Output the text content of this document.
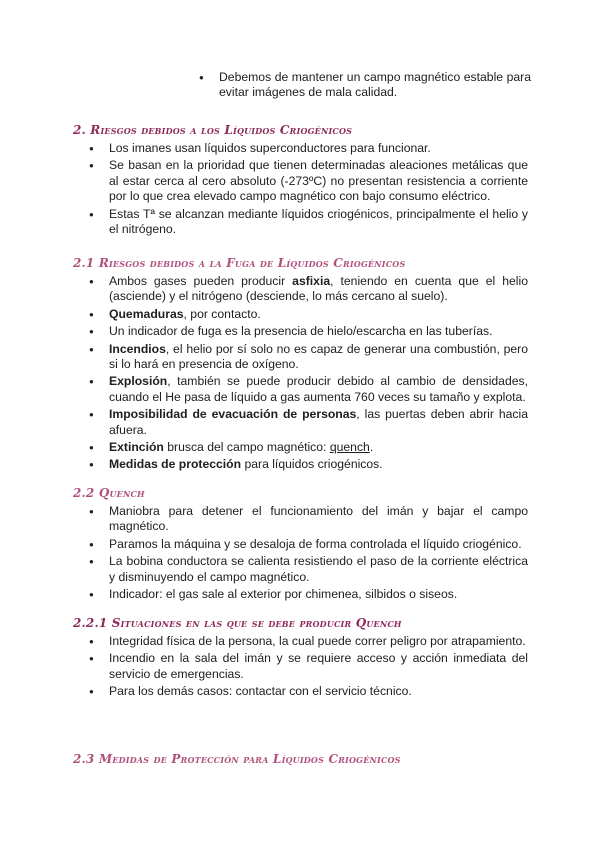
● Debemos de mantener un campo magnético estable para evitar imágenes de mala calidad.
2. Riesgos debidos a los Líquidos Criogénicos
● Los imanes usan líquidos superconductores para funcionar.
● Se basan en la prioridad que tienen determinadas aleaciones metálicas que al estar cerca al cero absoluto (-273ºC) no presentan resistencia a corriente por lo que crea elevado campo magnético con bajo consumo eléctrico.
● Estas Tª se alcanzan mediante líquidos criogénicos, principalmente el helio y el nitrógeno.
2.1 Riesgos debidos a la Fuga de Líquidos Criogénicos
● Ambos gases pueden producir asfixia, teniendo en cuenta que el helio (asciende) y el nitrógeno (desciende, lo más cercano al suelo).
● Quemaduras, por contacto.
● Un indicador de fuga es la presencia de hielo/escarcha en las tuberías.
● Incendios, el helio por sí solo no es capaz de generar una combustión, pero si lo hará en presencia de oxígeno.
● Explosión, también se puede producir debido al cambio de densidades, cuando el He pasa de líquido a gas aumenta 760 veces su tamaño y explota.
● Imposibilidad de evacuación de personas, las puertas deben abrir hacia afuera.
● Extinción brusca del campo magnético: quench.
● Medidas de protección para líquidos criogénicos.
2.2 Quench
● Maniobra para detener el funcionamiento del imán y bajar el campo magnético.
● Paramos la máquina y se desaloja de forma controlada el líquido criogénico.
● La bobina conductora se calienta resistiendo el paso de la corriente eléctrica y disminuyendo el campo magnético.
● Indicador: el gas sale al exterior por chimenea, silbidos o siseos.
2.2.1 Situaciones en las que se debe producir Quench
● Integridad física de la persona, la cual puede correr peligro por atrapamiento.
● Incendio en la sala del imán y se requiere acceso y acción inmediata del servicio de emergencias.
● Para los demás casos: contactar con el servicio técnico.
2.3 Medidas de Protección para Líquidos Criogénicos
